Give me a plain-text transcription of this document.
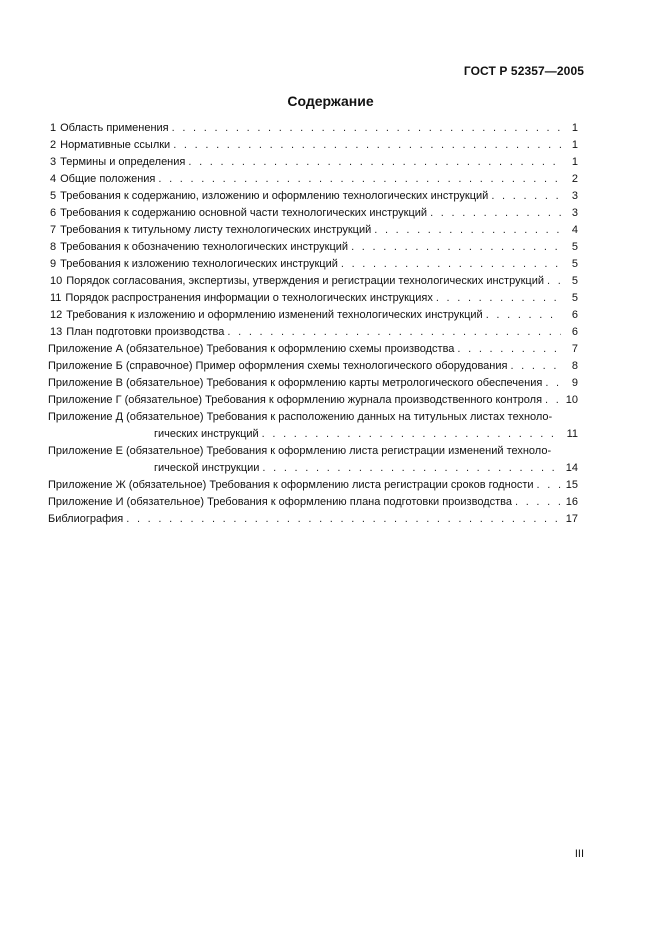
ГОСТ Р 52357—2005
Содержание
1 Область применения . . .	1
2 Нормативные ссылки . . .	1
3 Термины и определения . . .	1
4 Общие положения . . .	2
5 Требования к содержанию, изложению и оформлению технологических инструкций . . .	3
6 Требования к содержанию основной части технологических инструкций . . .	3
7 Требования к титульному листу технологических инструкций . . .	4
8 Требования к обозначению технологических инструкций . . .	5
9 Требования к изложению технологических инструкций . . .	5
10 Порядок согласования, экспертизы, утверждения и регистрации технологических инструкций . . .	5
11 Порядок распространения информации о технологических инструкциях . . .	5
12 Требования к изложению и оформлению изменений технологических инструкций . . .	6
13 План подготовки производства . . .	6
Приложение А (обязательное) Требования к оформлению схемы производства . . .	7
Приложение Б (справочное) Пример оформления схемы технологического оборудования . . .	8
Приложение В (обязательное) Требования к оформлению карты метрологического обеспечения . . .	9
Приложение Г (обязательное) Требования к оформлению журнала производственного контроля . . . 10
Приложение Д (обязательное) Требования к расположению данных на титульных листах техноло-
гических инструкций . . .	11
Приложение Е (обязательное) Требования к оформлению листа регистрации изменений техноло-
гической инструкции . . .	14
Приложение Ж (обязательное) Требования к оформлению листа регистрации сроков годности . . .	15
Приложение И (обязательное) Требования к оформлению плана подготовки производства . . .	16
Библиография . . .	17
III
